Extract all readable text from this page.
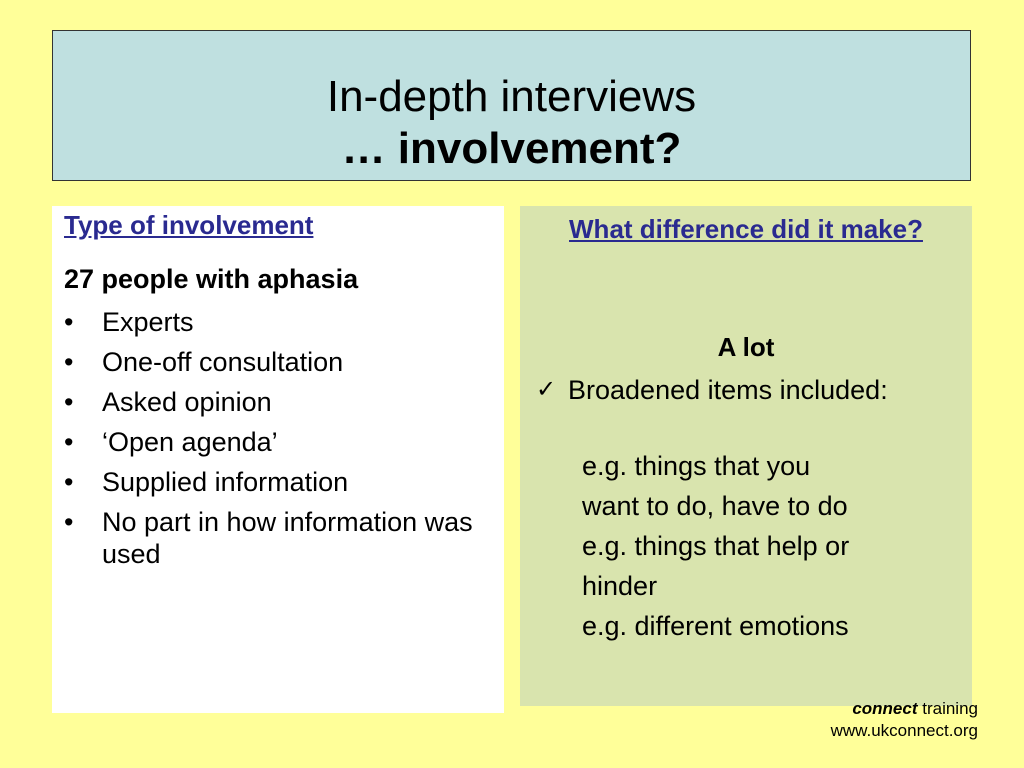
In-depth interviews
… involvement?
Type of involvement
27 people with aphasia
• Experts
• One-off consultation
• Asked opinion
• ‘Open agenda’
• Supplied information
• No part in how information was used
What difference did it make?
A lot
✓ Broadened items included:
e.g. things that you
want to do, have to do
e.g. things that help or
hinder
e.g. different emotions
connect training
www.ukconnect.org
